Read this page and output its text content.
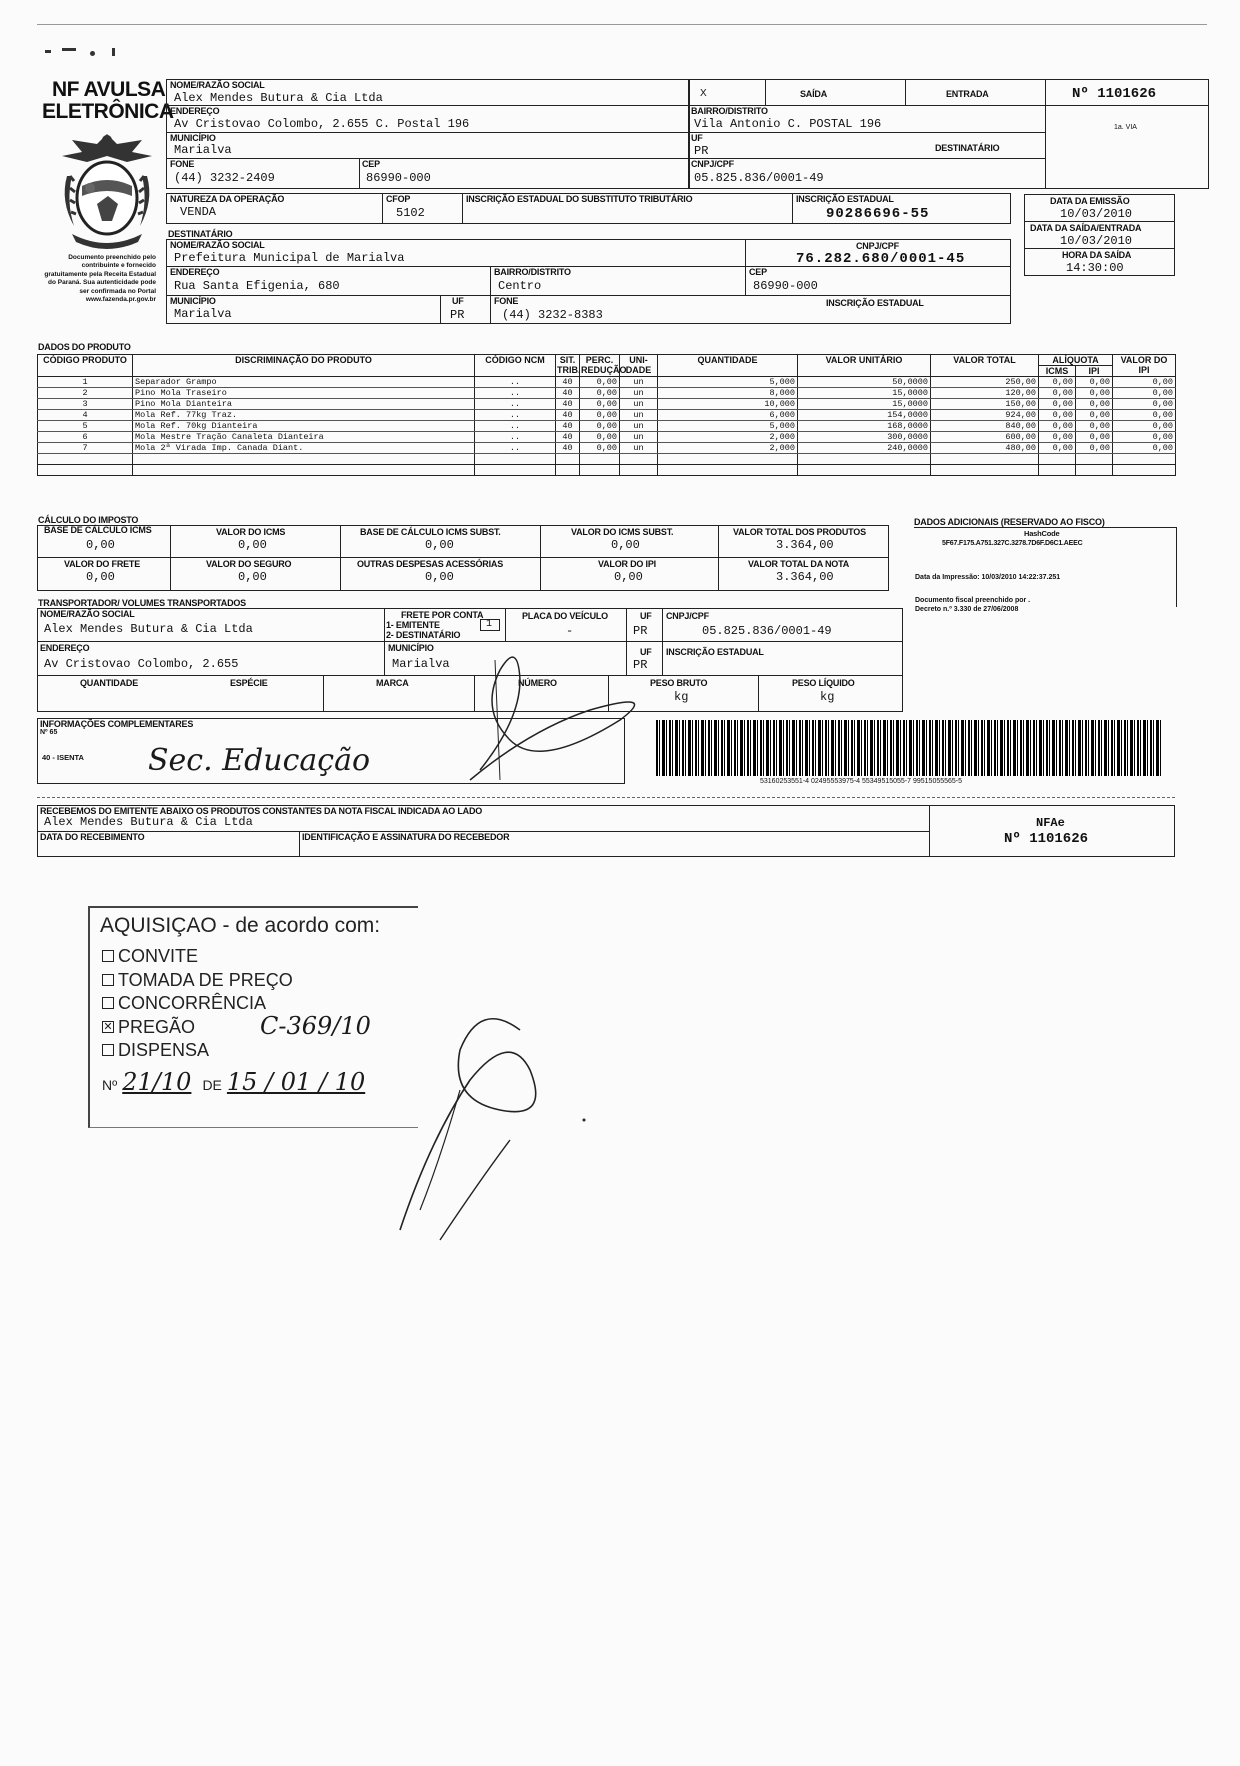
NF AVULSA
ELETRÔNICA
Documento preenchido pelo contribuinte e fornecido gratuitamente pela Receita Estadual do Paraná. Sua autenticidade pode ser confirmada no Portal www.fazenda.pr.gov.br
NOME/RAZÃO SOCIAL
Alex Mendes Butura & Cia Ltda
ENDEREÇO
Av Cristovao Colombo, 2.655 C. Postal 196
MUNICÍPIO
Marialva
FONE
(44) 3232-2409
CEP
86990-000
X	SAÍDA	ENTRADA	Nº 1101626
1a. VIA
BAIRRO/DISTRITO
Vila Antonio C. POSTAL 196
UF
PR	DESTINATÁRIO
CNPJ/CPF
05.825.836/0001-49
NATUREZA DA OPERAÇÃO
VENDA
CFOP
5102
INSCRIÇÃO ESTADUAL DO SUBSTITUTO TRIBUTÁRIO	INSCRIÇÃO ESTADUAL
90286696-55
DATA DA EMISSÃO
10/03/2010
DATA DA SAÍDA/ENTRADA
10/03/2010
HORA DA SAÍDA
14:30:00
DESTINATÁRIO
NOME/RAZÃO SOCIAL
Prefeitura Municipal de Marialva
CNPJ/CPF
76.282.680/0001-45
ENDEREÇO
Rua Santa Efigenia, 680
BAIRRO/DISTRITO
Centro
CEP
86990-000
MUNICÍPIO
Marialva
UF
PR
FONE
(44) 3232-8383
INSCRIÇÃO ESTADUAL
DADOS DO PRODUTO
CÓDIGO PRODUTO	DISCRIMINAÇÃO DO PRODUTO	CÓDIGO NCM	SIT. TRIB.	PERC. REDUÇÃO	UNI- DADE	QUANTIDADE	VALOR UNITÁRIO	VALOR TOTAL	ALÍQUOTA		VALOR DO IPI
									ICMS	IPI	
1	Separador Grampo	..	40	0,00	un	5,000	50,0000	250,00	0,00	0,00	0,00
2	Pino Mola Traseiro	..	40	0,00	un	8,000	15,0000	120,00	0,00	0,00	0,00
3	Pino Mola Dianteira	..	40	0,00	un	10,000	15,0000	150,00	0,00	0,00	0,00
4	Mola Ref. 77kg Traz.	..	40	0,00	un	6,000	154,0000	924,00	0,00	0,00	0,00
5	Mola Ref. 70kg Dianteira	..	40	0,00	un	5,000	168,0000	840,00	0,00	0,00	0,00
6	Mola Mestre Tração Canaleta Dianteira	..	40	0,00	un	2,000	300,0000	600,00	0,00	0,00	0,00
7	Mola 2ª Virada Imp. Canada Diant.	..	40	0,00	un	2,000	240,0000	480,00	0,00	0,00	0,00

CÁLCULO DO IMPOSTO
BASE DE CÁLCULO ICMS
0,00
VALOR DO ICMS
0,00
BASE DE CÁLCULO ICMS SUBST.
0,00
VALOR DO ICMS SUBST.
0,00
VALOR TOTAL DOS PRODUTOS
3.364,00
VALOR DO FRETE
0,00
VALOR DO SEGURO
0,00
OUTRAS DESPESAS ACESSÓRIAS
0,00
VALOR DO IPI
0,00
VALOR TOTAL DA NOTA
3.364,00
DADOS ADICIONAIS (RESERVADO AO FISCO)
HashCode
5F67.F175.A751.327C.3278.7D6F.D6C1.AEEC
Data da Impressão: 10/03/2010 14:22:37.251
Documento fiscal preenchido por .
Decreto n.º 3.330 de 27/06/2008
TRANSPORTADOR/ VOLUMES TRANSPORTADOS
NOME/RAZÃO SOCIAL
Alex Mendes Butura & Cia Ltda
FRETE POR CONTA
1- EMITENTE
2- DESTINATÁRIO
1
PLACA DO VEÍCULO
-
UF
PR
CNPJ/CPF
05.825.836/0001-49
ENDEREÇO
Av Cristovao Colombo, 2.655
MUNICÍPIO
Marialva
UF
PR
INSCRIÇÃO ESTADUAL
QUANTIDADE	ESPÉCIE	MARCA	NÚMERO	PESO BRUTO
kg
PESO LÍQUIDO
kg
INFORMAÇÕES COMPLEMENTARES
Nº 65
40 - ISENTA Sec. Educação
53160253551-4 02495553975-4 55349515055-7 99515055565-5
RECEBEMOS DO EMITENTE ABAIXO OS PRODUTOS CONSTANTES DA NOTA FISCAL INDICADA AO LADO
Alex Mendes Butura & Cia Ltda
DATA DO RECEBIMENTO	IDENTIFICAÇÃO E ASSINATURA DO RECEBEDOR
NFAe
Nº 1101626
AQUISIÇAO - de acordo com:
CONVITE
TOMADA DE PREÇO
CONCORRÊNCIA
✕ PREGÃO	C-369/10
DISPENSA
Nº 21/10 DE 15 / 01 / 10
